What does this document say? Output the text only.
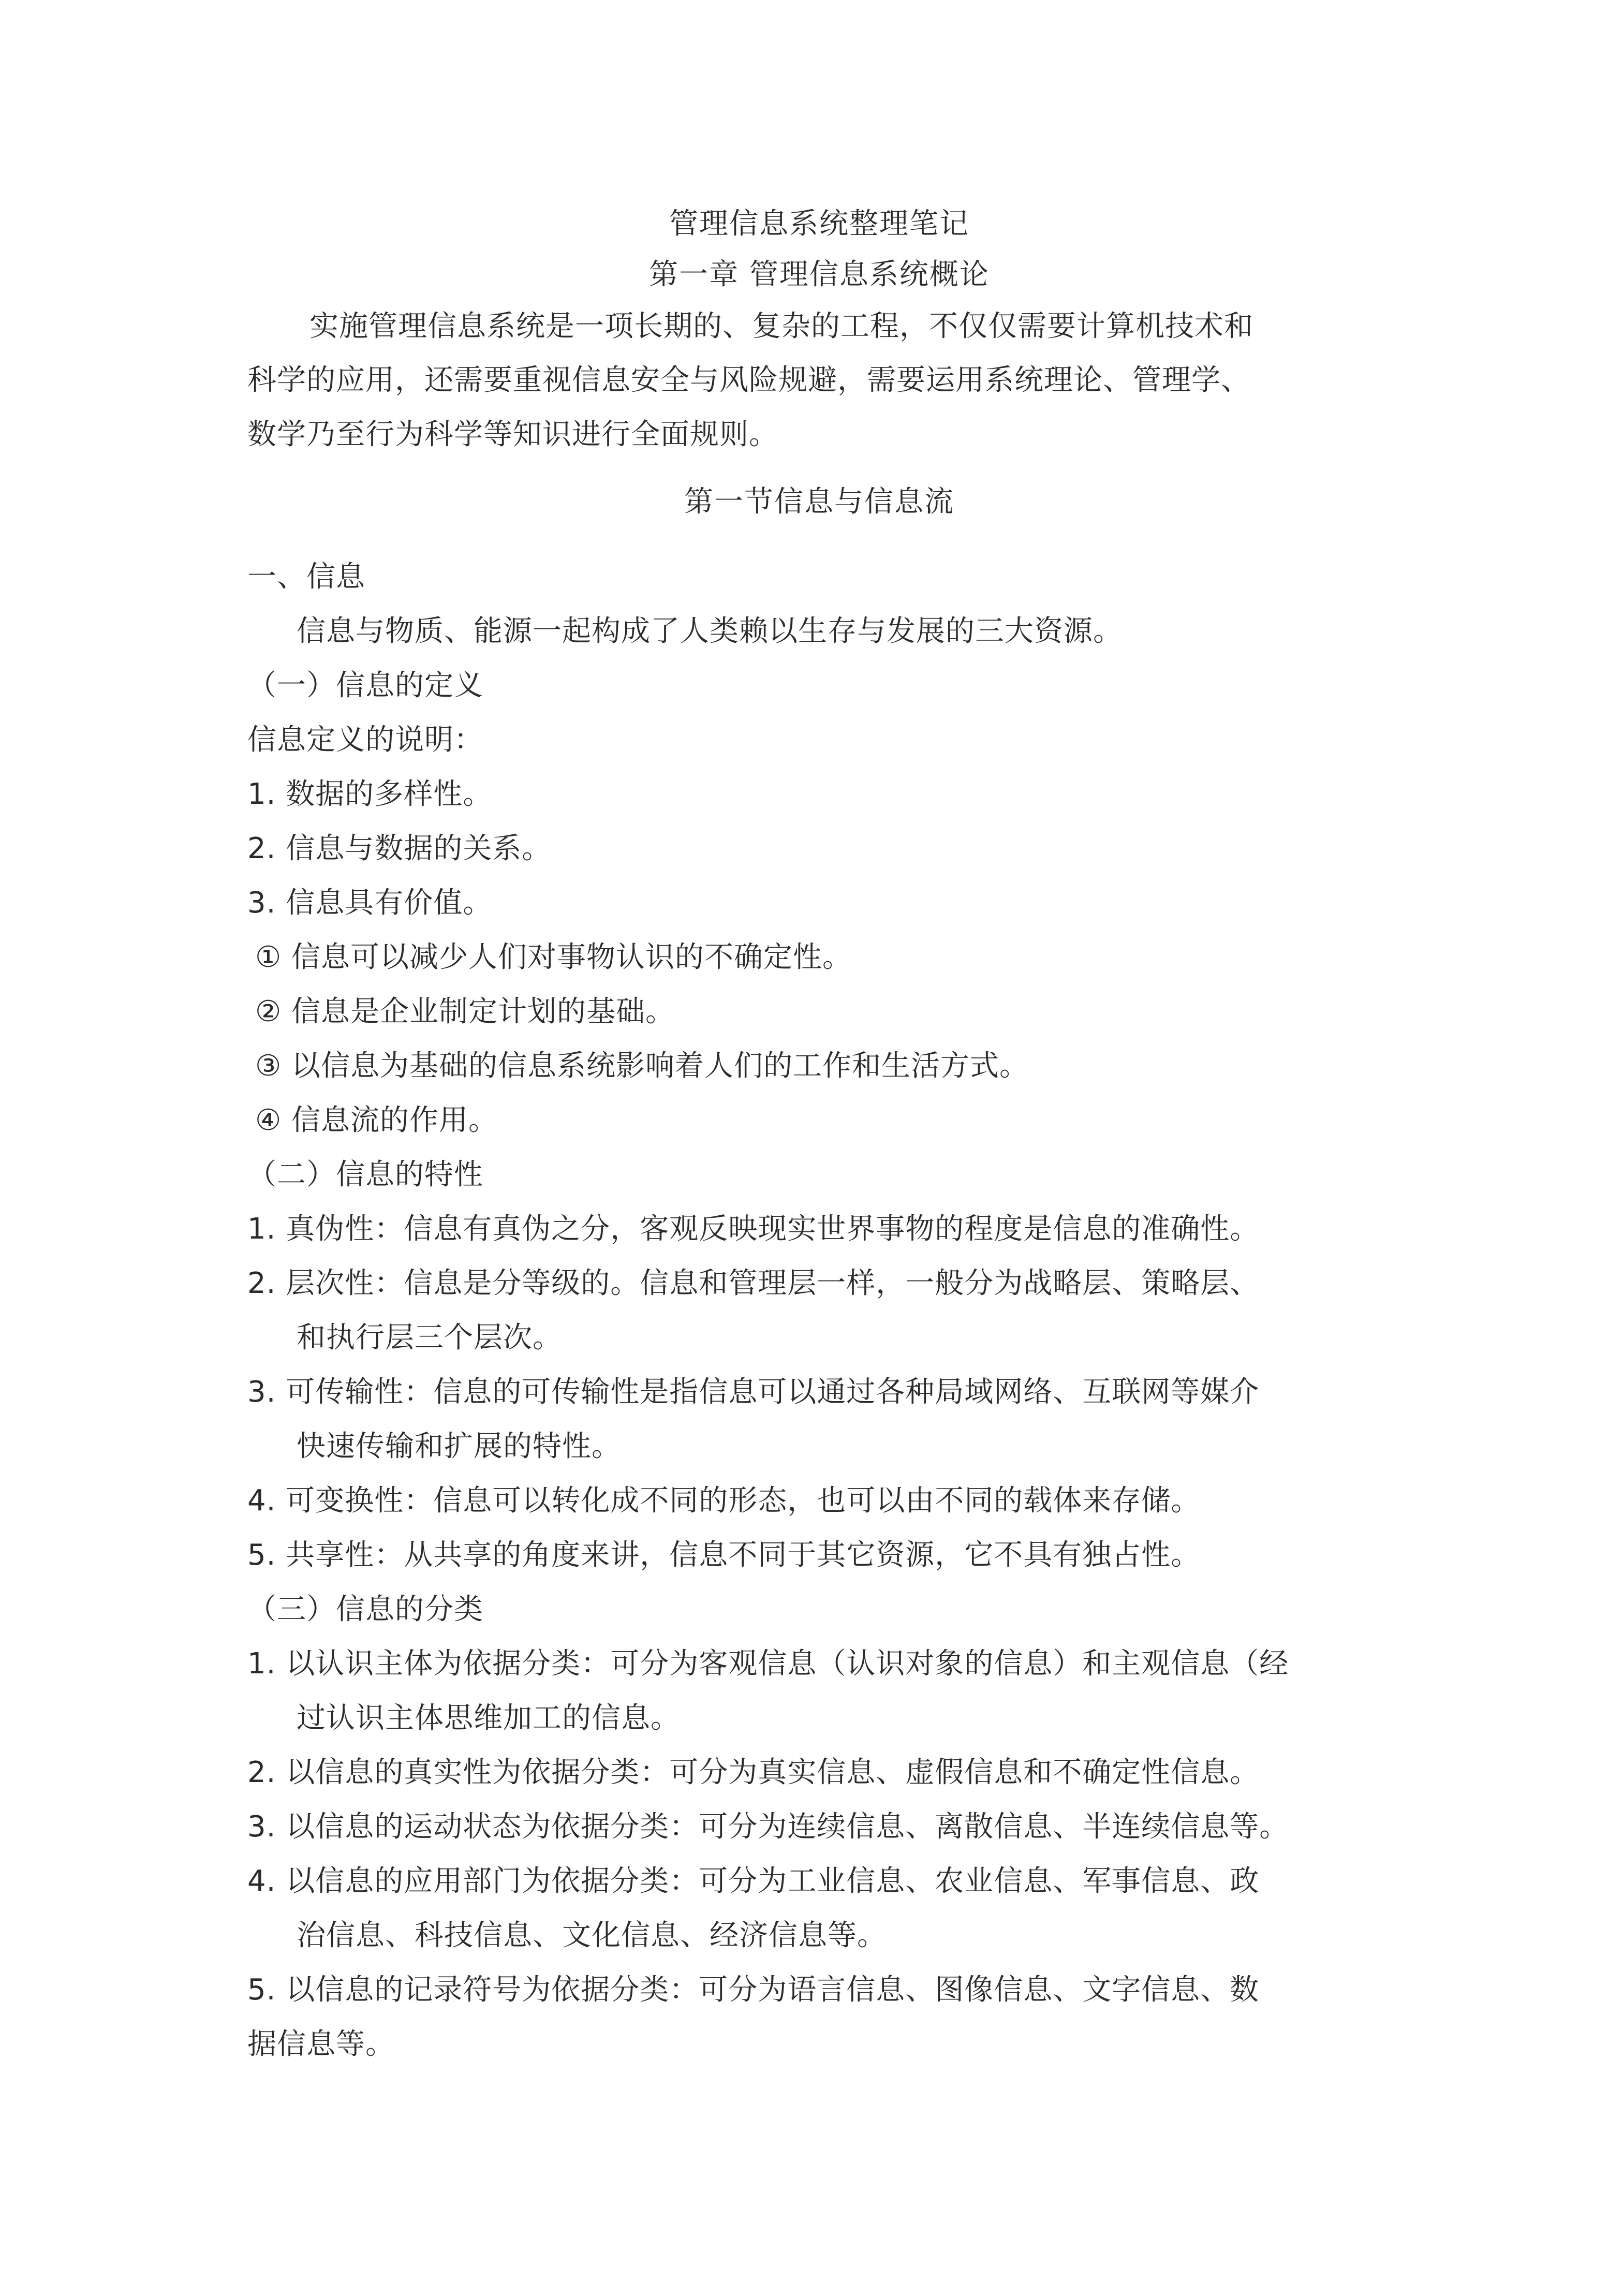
管理信息系统整理笔记
第一章 管理信息系统概论
实施管理信息系统是一项长期的、复杂的工程，不仅仅需要计算机技术和
科学的应用，还需要重视信息安全与风险规避，需要运用系统理论、管理学、
数学乃至行为科学等知识进行全面规则。
第一节信息与信息流
一、信息
信息与物质、能源一起构成了人类赖以生存与发展的三大资源。
（一）信息的定义
信息定义的说明：
1. 数据的多样性。
2. 信息与数据的关系。
3. 信息具有价值。
① 信息可以减少人们对事物认识的不确定性。
② 信息是企业制定计划的基础。
③ 以信息为基础的信息系统影响着人们的工作和生活方式。
④ 信息流的作用。
（二）信息的特性
1. 真伪性：信息有真伪之分，客观反映现实世界事物的程度是信息的准确性。
2. 层次性：信息是分等级的。信息和管理层一样，一般分为战略层、策略层、
和执行层三个层次。
3. 可传输性：信息的可传输性是指信息可以通过各种局域网络、互联网等媒介
快速传输和扩展的特性。
4. 可变换性：信息可以转化成不同的形态，也可以由不同的载体来存储。
5. 共享性：从共享的角度来讲，信息不同于其它资源，它不具有独占性。
（三）信息的分类
1. 以认识主体为依据分类：可分为客观信息（认识对象的信息）和主观信息（经
过认识主体思维加工的信息。
2. 以信息的真实性为依据分类：可分为真实信息、虚假信息和不确定性信息。
3. 以信息的运动状态为依据分类：可分为连续信息、离散信息、半连续信息等。
4. 以信息的应用部门为依据分类：可分为工业信息、农业信息、军事信息、政
治信息、科技信息、文化信息、经济信息等。
5. 以信息的记录符号为依据分类：可分为语言信息、图像信息、文字信息、数
据信息等。
